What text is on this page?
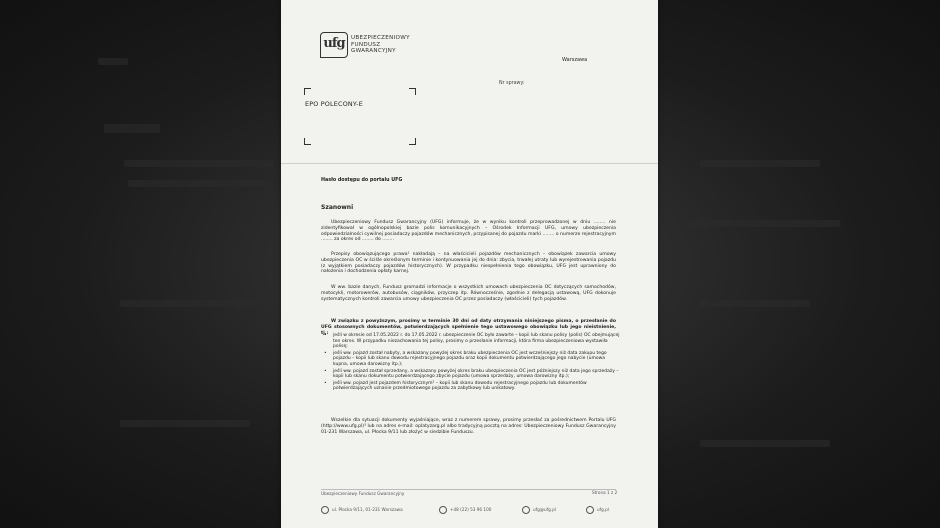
ufg	UBEZPIECZENIOWY
FUNDUSZ
GWARANCYJNY
Warszawa
Nr sprawy:
EPO POLECONY-E
Hasło dostępu do portalu UFG
Szanowni
Ubezpieczeniowy Fundusz Gwarancyjny (UFG) informuje, że w wyniku kontroli przeprowadzonej w dniu ........ nie zidentyfikował w ogólnopolskiej bazie polis komunikacyjnych – Ośrodek Informacji UFG, umowy ubezpieczenia odpowiedzialności cywilnej posiadaczy pojazdów mechanicznych, przypisanej do pojazdu marki ........ o numerze rejestracyjnym ........ za okres od ........ do ........
Przepisy obowiązującego prawa¹ nakładają – na właścicieli pojazdów mechanicznych – obowiązek zawarcia umowy ubezpieczenia OC w ściśle określonym terminie i kontynuowania jej do dnia: zbycia, trwałej utraty lub wyrejestrowania pojazdu (z wyjątkiem posiadaczy pojazdów historycznych). W przypadku niespełnienia tego obowiązku, UFG jest uprawniony do nałożenia i dochodzenia opłaty karnej.
W ww. bazie danych, Fundusz gromadzi informacje o wszystkich umowach ubezpieczenia OC dotyczących samochodów, motocykli, motorowerów, autobusów, ciągników, przyczep itp. Równocześnie, zgodnie z delegacją ustawową, UFG dokonuje systematycznych kontroli zawarcia umowy ubezpieczenia OC przez posiadaczy (właścicieli) tych pojazdów.
W związku z powyższym, prosimy w terminie 30 dni od daty otrzymania niniejszego pisma, o przesłanie do UFG stosownych dokumentów, potwierdzających spełnienie tego ustawowego obowiązku lub jego nieistnienie, tj.:
•	jeśli w okresie od 17.05.2022 r. do 17.05.2022 r. ubezpieczenie OC było zawarte – kopii lub skanu polisy (polis) OC obejmującej ten okres. W przypadku niezachowania tej polisy, prosimy o przesłanie informacji, która firma ubezpieczeniowa wystawiła polisę;
• jeśli ww. pojazd został nabyty, a wskazany powyżej okres braku ubezpieczenia OC jest wcześniejszy niż data zakupu tego pojazdu – kopii lub skanu dowodu rejestracyjnego pojazdu oraz kopii dokumentu potwierdzającego jego nabycie (umowa kupna, umowa darowizny itp.);
• jeśli ww. pojazd został sprzedany, a wskazany powyżej okres braku ubezpieczenia OC jest późniejszy niż data jego sprzedaży – kopii lub skanu dokumentu potwierdzającego zbycie pojazdu (umowa sprzedaży, umowa darowizny itp.);
• jeśli ww. pojazd jest pojazdem historycznym² – kopii lub skanu dowodu rejestracyjnego pojazdu lub dokumentów potwierdzających uznanie przedmiotowego pojazdu za zabytkowy lub unikatowy.
Wszelkie dla sytuacji dokumenty wyjaśniające, wraz z numerem sprawy, prosimy przesłać za pośrednictwem Portalu UFG (http://www.ufg.pl)³ lub na adres e-mail: oplatyzarg.pl albo tradycyjną pocztą na adres: Ubezpieczeniowy Fundusz Gwarancyjny 01-231 Warszawa, ul. Płocka 9/11 lub złożyć w siedzibie Funduszu.
Ubezpieczeniowy Fundusz Gwarancyjny	Strona 1 z 2
ul. Płocka 9/11, 01-231 Warszawa	+48 (22) 53 96 100	ufg@ufg.pl	ufg.pl
